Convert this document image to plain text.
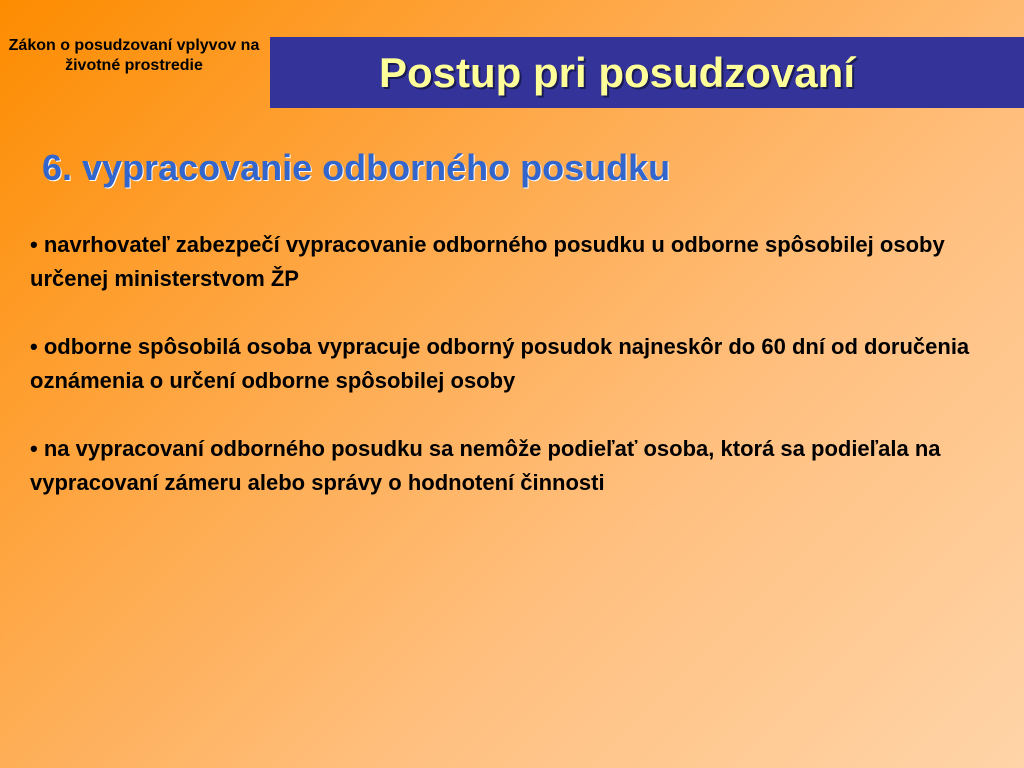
Zákon o posudzovaní vplyvov na životné prostredie	Postup pri posudzovaní
6. vypracovanie odborného posudku

• navrhovateľ zabezpečí vypracovanie odborného posudku u odborne spôsobilej osoby určenej ministerstvom ŽP

• odborne spôsobilá osoba vypracuje odborný posudok najneskôr do 60 dní od doručenia oznámenia o určení odborne spôsobilej osoby

• na vypracovaní odborného posudku sa nemôže podieľať osoba, ktorá sa podieľala na vypracovaní zámeru alebo správy o hodnotení činnosti
